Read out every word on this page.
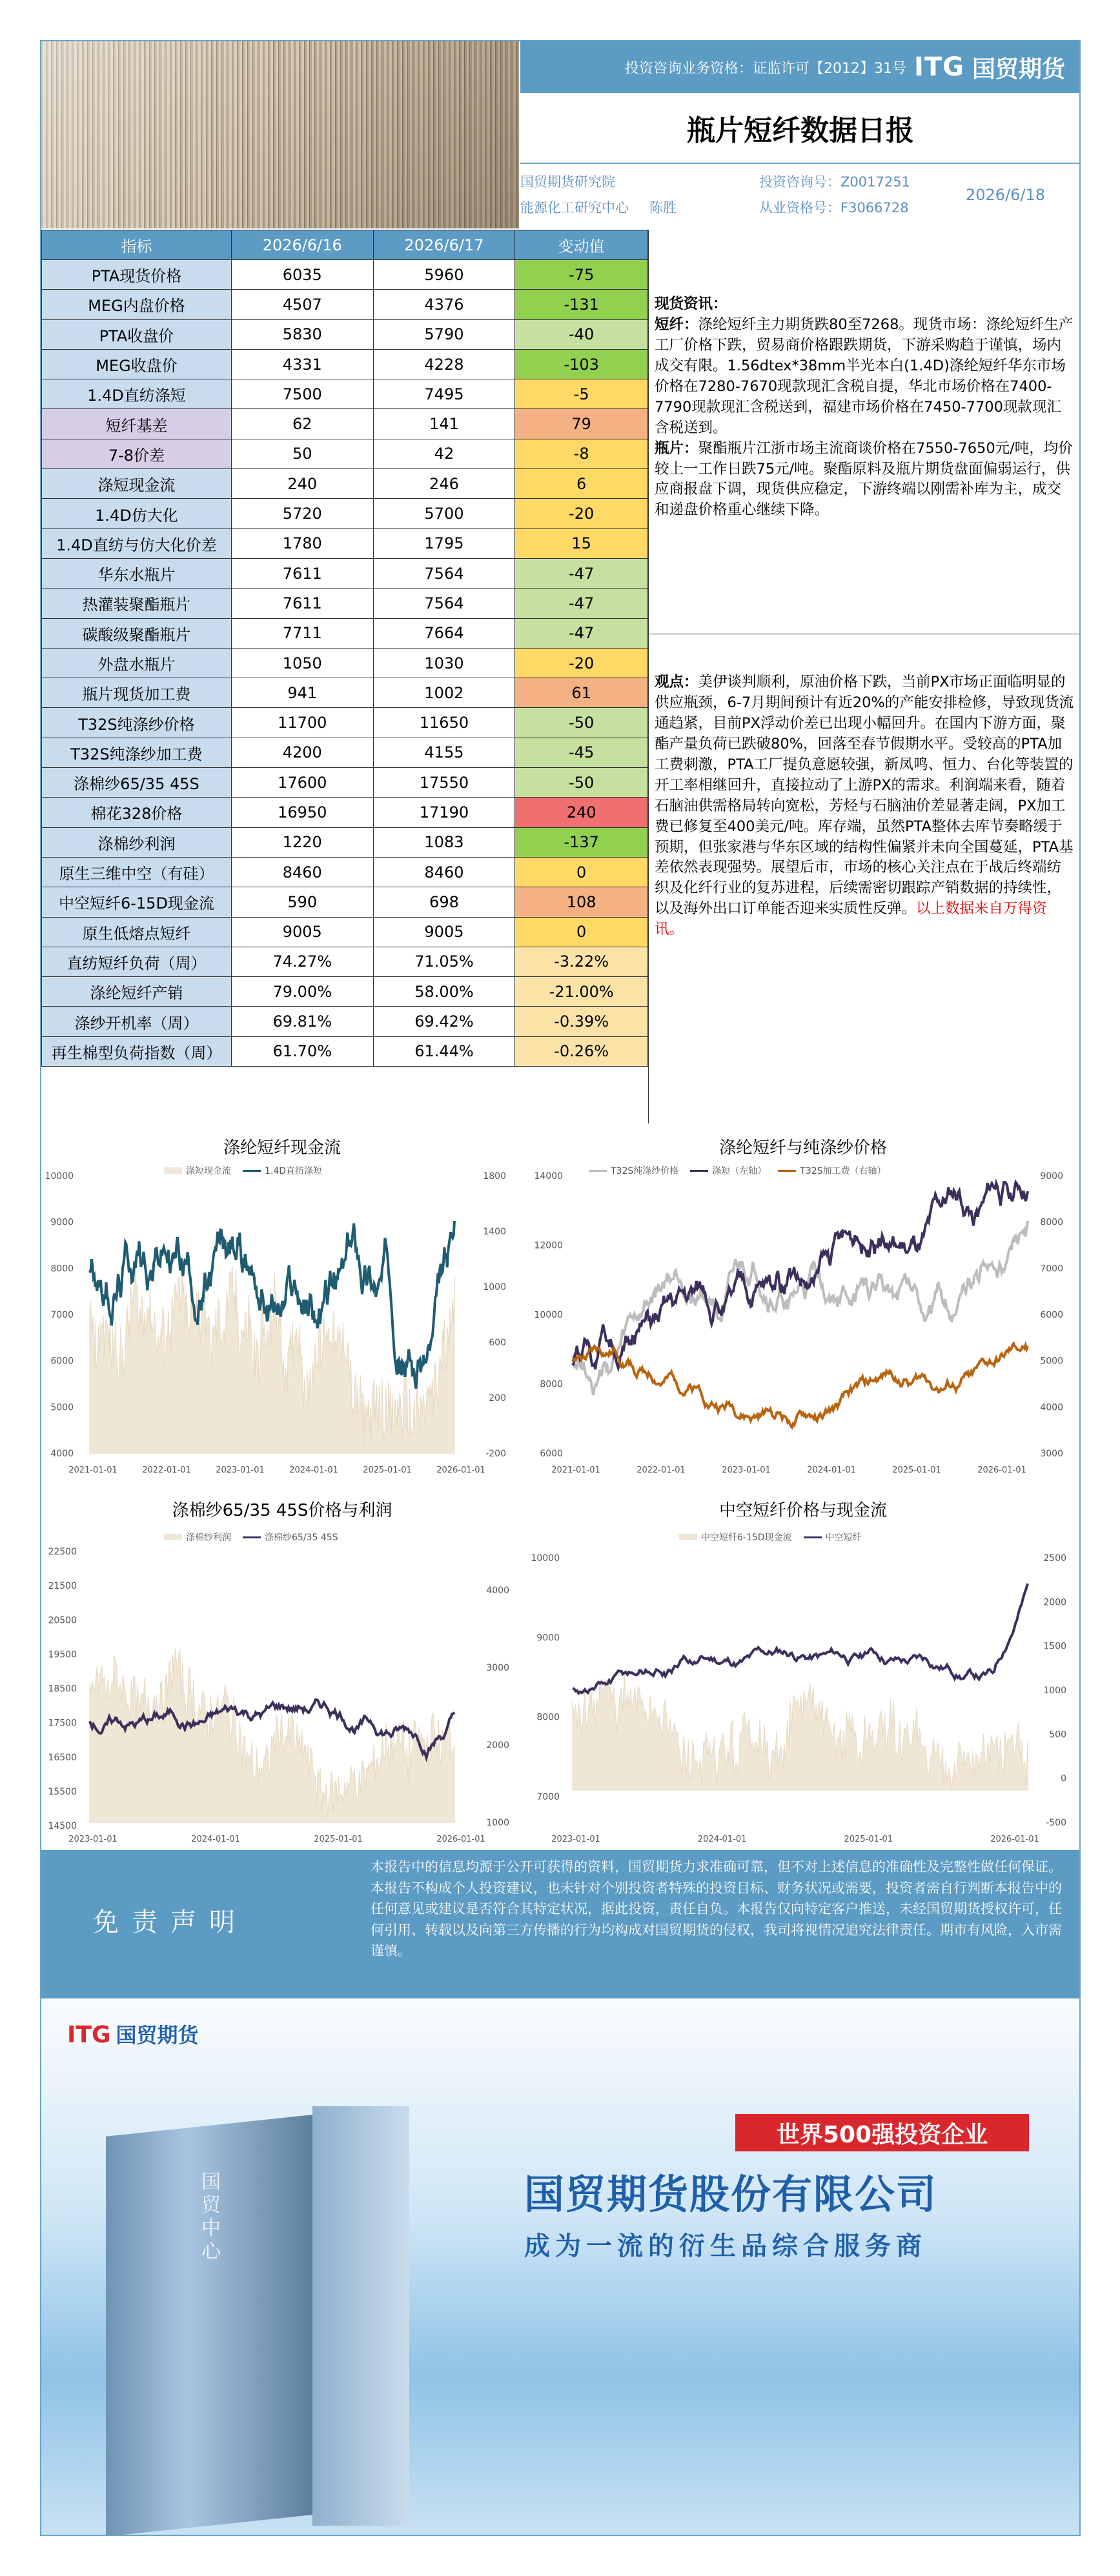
投资咨询业务资格：证监许可【2012】31号 ITG 国贸期货
瓶片短纤数据日报
国贸期货研究院
能源化工研究中心 陈胜
投资咨询号：Z0017251
从业资格号：F3066728
2026/6/18
指标	2026/6/16	2026/6/17	变动值
PTA现货价格	6035	5960	-75
MEG内盘价格	4507	4376	-131
PTA收盘价	5830	5790	-40
MEG收盘价	4331	4228	-103
1.4D直纺涤短	7500	7495	-5
短纤基差	62	141	79
7-8价差	50	42	-8
涤短现金流	240	246	6
1.4D仿大化	5720	5700	-20
1.4D直纺与仿大化价差	1780	1795	15
华东水瓶片	7611	7564	-47
热灌装聚酯瓶片	7611	7564	-47
碳酸级聚酯瓶片	7711	7664	-47
外盘水瓶片	1050	1030	-20
瓶片现货加工费	941	1002	61
T32S纯涤纱价格	11700	11650	-50
T32S纯涤纱加工费	4200	4155	-45
涤棉纱65/35 45S	17600	17550	-50
棉花328价格	16950	17190	240
涤棉纱利润	1220	1083	-137
原生三维中空（有硅）	8460	8460	0
中空短纤6-15D现金流	590	698	108
原生低熔点短纤	9005	9005	0
直纺短纤负荷（周）	74.27%	71.05%	-3.22%
涤纶短纤产销	79.00%	58.00%	-21.00%
涤纱开机率（周）	69.81%	69.42%	-0.39%
再生棉型负荷指数（周）	61.70%	61.44%	-0.26%
现货资讯：
短纤：涤纶短纤主力期货跌80至7268。现货市场：涤纶短纤生产工厂价格下跌，贸易商价格跟跌期货，下游采购趋于谨慎，场内成交有限。1.56dtex*38mm半光本白(1.4D)涤纶短纤华东市场价格在7280-7670现款现汇含税自提，华北市场价格在7400-7790现款现汇含税送到，福建市场价格在7450-7700现款现汇含税送到。
瓶片：聚酯瓶片江浙市场主流商谈价格在7550-7650元/吨，均价较上一工作日跌75元/吨。聚酯原料及瓶片期货盘面偏弱运行，供应商报盘下调，现货供应稳定，下游终端以刚需补库为主，成交和递盘价格重心继续下降。
观点：美伊谈判顺利，原油价格下跌，当前PX市场正面临明显的供应瓶颈，6-7月期间预计有近20%的产能安排检修，导致现货流通趋紧，目前PX浮动价差已出现小幅回升。在国内下游方面，聚酯产量负荷已跌破80%，回落至春节假期水平。受较高的PTA加工费刺激，PTA工厂提负意愿较强，新凤鸣、恒力、台化等装置的开工率相继回升，直接拉动了上游PX的需求。利润端来看，随着石脑油供需格局转向宽松，芳烃与石脑油价差显著走阔，PX加工费已修复至400美元/吨。库存端，虽然PTA整体去库节奏略缓于预期，但张家港与华东区域的结构性偏紧并未向全国蔓延，PTA基差依然表现强势。展望后市，市场的核心关注点在于战后终端纺织及化纤行业的复苏进程，后续需密切跟踪产销数据的持续性，以及海外出口订单能否迎来实质性反弹。以上数据来自万得资讯。
涤纶短纤现金流
涤短现金流	1.4D直纺涤短
10000
9000
8000
7000
6000
5000
4000
1800
1400
1000
600
200
-200
2021-01-01	2022-01-01	2023-01-01	2024-01-01	2025-01-01	2026-01-01
涤纶短纤与纯涤纱价格
T32S纯涤纱价格	涤短（左轴）	T32S加工费（右轴）
14000
12000
10000
8000
6000
9000
8000
7000
6000
5000
4000
3000
2021-01-01	2022-01-01	2023-01-01	2024-01-01	2025-01-01	2026-01-01
涤棉纱65/35 45S价格与利润
涤棉纱利润	涤棉纱65/35 45S
22500
21500
20500
19500
18500
17500
16500
15500
14500
4000
3000
2000
1000
2023-01-01	2024-01-01	2025-01-01	2026-01-01
中空短纤价格与现金流
中空短纤6-15D现金流	中空短纤
10000
9000
8000
7000
2500
2000
1500
1000
500
0
-500
2023-01-01	2024-01-01	2025-01-01	2026-01-01
免责声明
本报告中的信息均源于公开可获得的资料，国贸期货力求准确可靠，但不对上述信息的准确性及完整性做任何保证。本报告不构成个人投资建议，也未针对个别投资者特殊的投资目标、财务状况或需要，投资者需自行判断本报告中的任何意见或建议是否符合其特定状况，据此投资，责任自负。本报告仅向特定客户推送，未经国贸期货授权许可，任何引用、转载以及向第三方传播的行为均构成对国贸期货的侵权，我司将视情况追究法律责任。期市有风险，入市需谨慎。
国贸中心
ITG 国贸期货
世界500强投资企业
国贸期货股份有限公司
成为一流的衍生品综合服务商
